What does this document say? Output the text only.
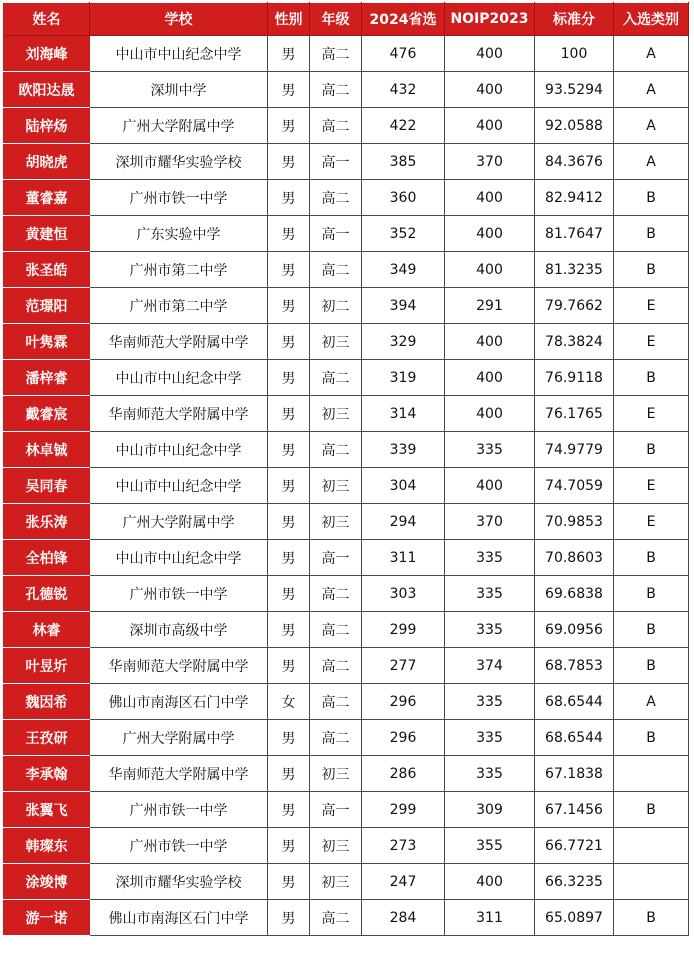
姓名	学校	性别	年级	2024省选	NOIP2023	标准分	入选类别
刘海峰	中山市中山纪念中学	男	高二	476	400	100	A
欧阳达晟	深圳中学	男	高二	432	400	93.5294	A
陆梓炀	广州大学附属中学	男	高二	422	400	92.0588	A
胡晓虎	深圳市耀华实验学校	男	高一	385	370	84.3676	A
董睿嘉	广州市铁一中学	男	高二	360	400	82.9412	B
黄建恒	广东实验中学	男	高一	352	400	81.7647	B
张圣皓	广州市第二中学	男	高二	349	400	81.3235	B
范璟阳	广州市第二中学	男	初二	394	291	79.7662	E
叶隽霖	华南师范大学附属中学	男	初三	329	400	78.3824	E
潘梓睿	中山市中山纪念中学	男	高二	319	400	76.9118	B
戴睿宸	华南师范大学附属中学	男	初三	314	400	76.1765	E
林卓铖	中山市中山纪念中学	男	高二	339	335	74.9779	B
吴同春	中山市中山纪念中学	男	初三	304	400	74.7059	E
张乐涛	广州大学附属中学	男	初三	294	370	70.9853	E
全柏锋	中山市中山纪念中学	男	高一	311	335	70.8603	B
孔德锐	广州市铁一中学	男	高二	303	335	69.6838	B
林睿	深圳市高级中学	男	高二	299	335	69.0956	B
叶昱圻	华南师范大学附属中学	男	高二	277	374	68.7853	B
魏因希	佛山市南海区石门中学	女	高二	296	335	68.6544	A
王孜研	广州大学附属中学	男	高二	296	335	68.6544	B
李承翰	华南师范大学附属中学	男	初三	286	335	67.1838	
张翼飞	广州市铁一中学	男	高一	299	309	67.1456	B
韩璨东	广州市铁一中学	男	初三	273	355	66.7721	
涂竣博	深圳市耀华实验学校	男	初三	247	400	66.3235	
游一诺	佛山市南海区石门中学	男	高二	284	311	65.0897	B
